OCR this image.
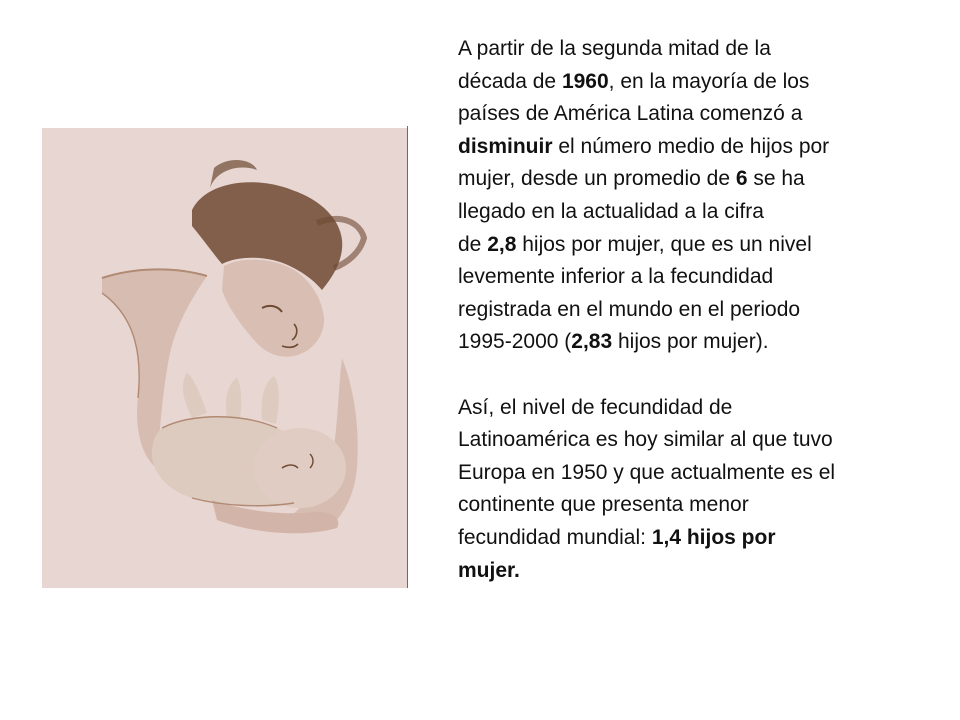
A partir de la segunda mitad de la
década de 1960, en la mayoría de los
países de América Latina comenzó a
disminuir el número medio de hijos por
mujer, desde un promedio de 6 se ha
llegado en la actualidad a la cifra
de 2,8 hijos por mujer, que es un nivel
levemente inferior a la fecundidad
registrada en el mundo en el periodo
1995-2000 (2,83 hijos por mujer).
Así, el nivel de fecundidad de
Latinoamérica es hoy similar al que tuvo
Europa en 1950 y que actualmente es el
continente que presenta menor
fecundidad mundial: 1,4 hijos por
mujer.
